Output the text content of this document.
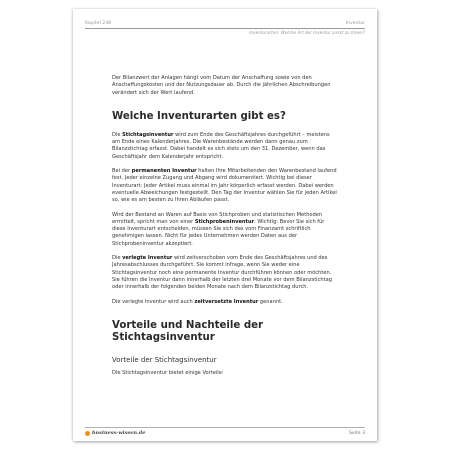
Kapitel 248	Inventur
Inventurarten: Welche Art der Inventur passt zu Ihnen?

Der Bilanzwert der Anlagen hängt vom Datum der Anschaffung sowie von den Anschaffungskosten und der Nutzungsdauer ab. Durch die jährlichen Abschreibungen verändert sich der Wert laufend.

Welche Inventurarten gibt es?

Die Stichtagsinventur wird zum Ende des Geschäftsjahres durchgeführt – meistens am Ende eines Kalenderjahres. Die Warenbestände werden dann genau zum Bilanzstichtag erfasst. Dabei handelt es sich stets um den 31. Dezember, wenn das Geschäftsjahr dem Kalenderjahr entspricht.

Bei der permanenten Inventur halten Ihre Mitarbeitenden den Warenbestand laufend fest. Jeder einzelne Zugang und Abgang wird dokumentiert. Wichtig bei dieser Inventurart: Jeder Artikel muss einmal im Jahr körperlich erfasst werden. Dabei werden eventuelle Abweichungen festgestellt. Den Tag der Inventur wählen Sie für jeden Artikel so, wie es am besten zu Ihren Abläufen passt.

Wird der Bestand an Waren auf Basis von Stichproben und statistischen Methoden ermittelt, spricht man von einer Stichprobeninventur. Wichtig: Bevor Sie sich für diese Inventurart entscheiden, müssen Sie sich das vom Finanzamt schriftlich genehmigen lassen. Nicht für jedes Unternehmen werden Daten aus der Stichprobeninventur akzeptiert.

Die verlegte Inventur wird zeitverschoben vom Ende des Geschäftsjahres und des Jahresabschlusses durchgeführt. Sie kommt infrage, wenn Sie weder eine Stichtagsinventur noch eine permanente Inventur durchführen können oder möchten. Sie führen die Inventur dann innerhalb der letzten drei Monate vor dem Bilanzstichtag oder innerhalb der folgenden beiden Monate nach dem Bilanzstichtag durch.

Die verlegte Inventur wird auch zeitversetzte Inventur genannt.

Vorteile und Nachteile der Stichtagsinventur
Vorteile der Stichtagsinventur

Die Stichtagsinventur bietet einige Vorteile:

business-wissen.de	Seite 3
